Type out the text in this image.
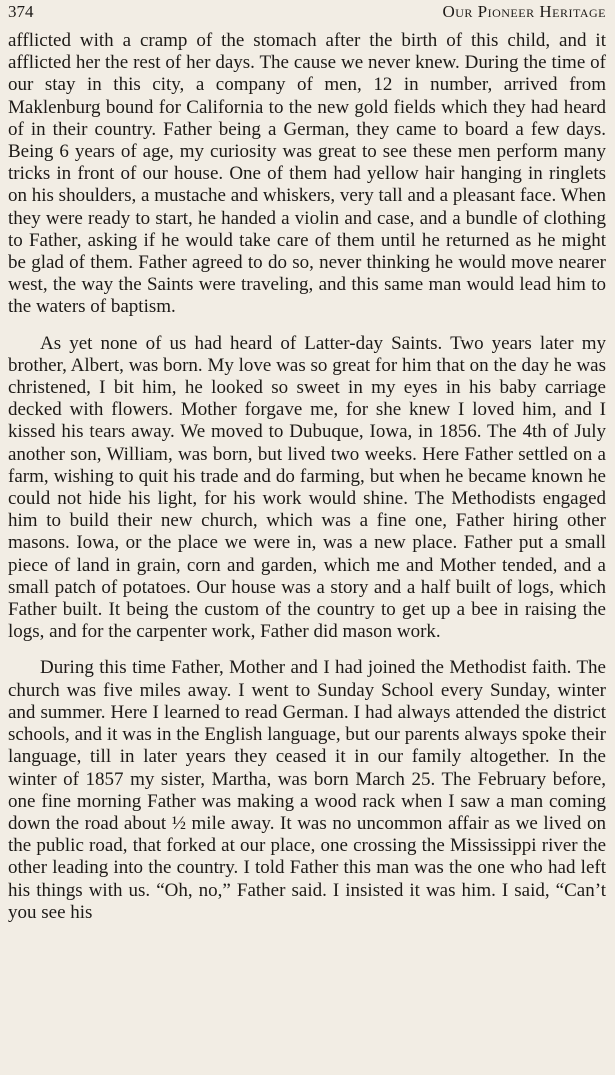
374	Our Pioneer Heritage

afflicted with a cramp of the stomach after the birth of this child, and it afflicted her the rest of her days. The cause we never knew. During the time of our stay in this city, a company of men, 12 in number, arrived from Maklenburg bound for California to the new gold fields which they had heard of in their country. Father being a German, they came to board a few days. Being 6 years of age, my curiosity was great to see these men perform many tricks in front of our house. One of them had yellow hair hanging in ringlets on his shoulders, a mustache and whiskers, very tall and a pleasant face. When they were ready to start, he handed a violin and case, and a bundle of clothing to Father, asking if he would take care of them until he returned as he might be glad of them. Father agreed to do so, never thinking he would move nearer west, the way the Saints were traveling, and this same man would lead him to the waters of baptism.

As yet none of us had heard of Latter-day Saints. Two years later my brother, Albert, was born. My love was so great for him that on the day he was christened, I bit him, he looked so sweet in my eyes in his baby carriage decked with flowers. Mother forgave me, for she knew I loved him, and I kissed his tears away. We moved to Dubuque, Iowa, in 1856. The 4th of July another son, William, was born, but lived two weeks. Here Father settled on a farm, wishing to quit his trade and do farming, but when he became known he could not hide his light, for his work would shine. The Methodists engaged him to build their new church, which was a fine one, Father hiring other masons. Iowa, or the place we were in, was a new place. Father put a small piece of land in grain, corn and garden, which me and Mother tended, and a small patch of potatoes. Our house was a story and a half built of logs, which Father built. It being the custom of the country to get up a bee in raising the logs, and for the carpenter work, Father did mason work.

During this time Father, Mother and I had joined the Methodist faith. The church was five miles away. I went to Sunday School every Sunday, winter and summer. Here I learned to read German. I had always attended the district schools, and it was in the English language, but our parents always spoke their language, till in later years they ceased it in our family altogether. In the winter of 1857 my sister, Martha, was born March 25. The February before, one fine morning Father was making a wood rack when I saw a man coming down the road about ½ mile away. It was no uncommon affair as we lived on the public road, that forked at our place, one crossing the Mississippi river the other leading into the country. I told Father this man was the one who had left his things with us. “Oh, no,” Father said. I insisted it was him. I said, “Can’t you see his
